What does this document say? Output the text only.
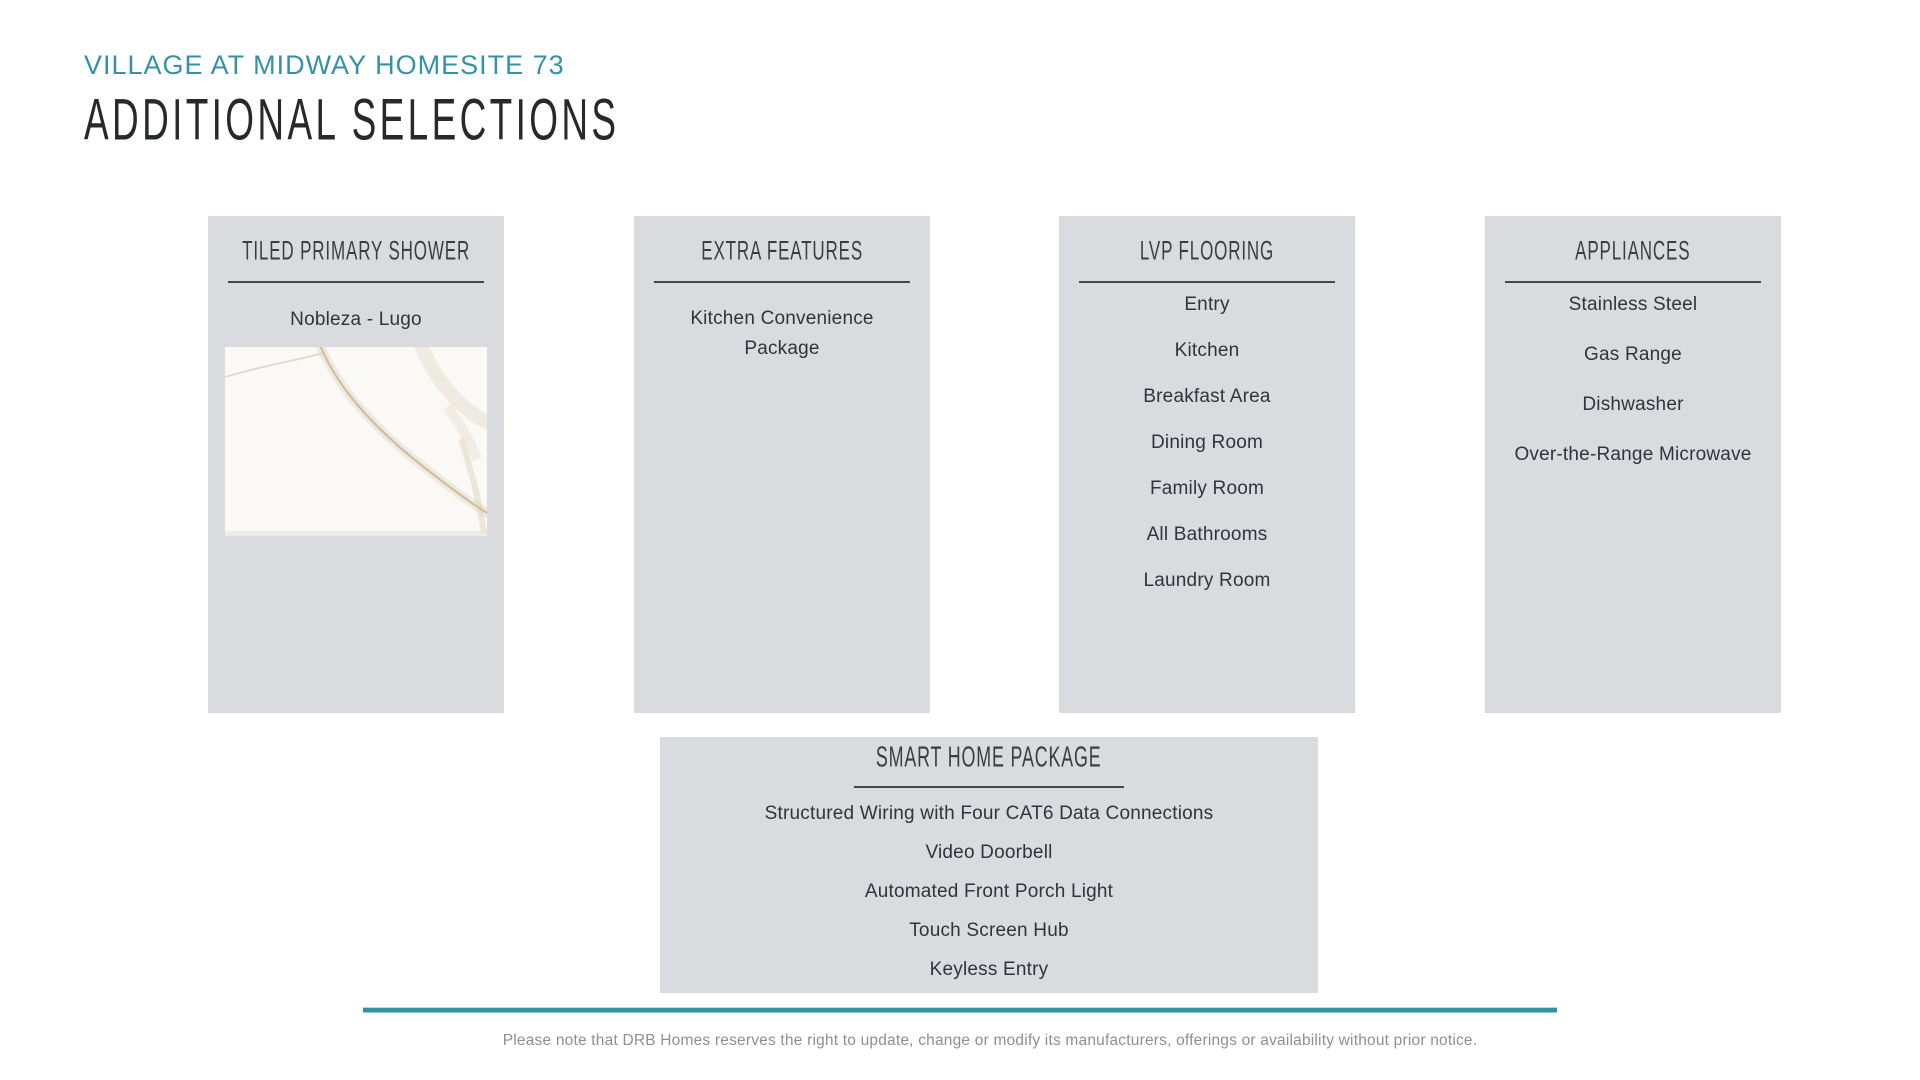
VILLAGE AT MIDWAY HOMESITE 73
ADDITIONAL SELECTIONS
TILED PRIMARY SHOWER
Nobleza - Lugo
EXTRA FEATURES
Kitchen Convenience Package
LVP FLOORING
Entry
Kitchen
Breakfast Area
Dining Room
Family Room
All Bathrooms
Laundry Room
APPLIANCES
Stainless Steel
Gas Range
Dishwasher
Over-the-Range Microwave
SMART HOME PACKAGE
Structured Wiring with Four CAT6 Data Connections
Video Doorbell
Automated Front Porch Light
Touch Screen Hub
Keyless Entry
Please note that DRB Homes reserves the right to update, change or modify its manufacturers, offerings or availability without prior notice.
